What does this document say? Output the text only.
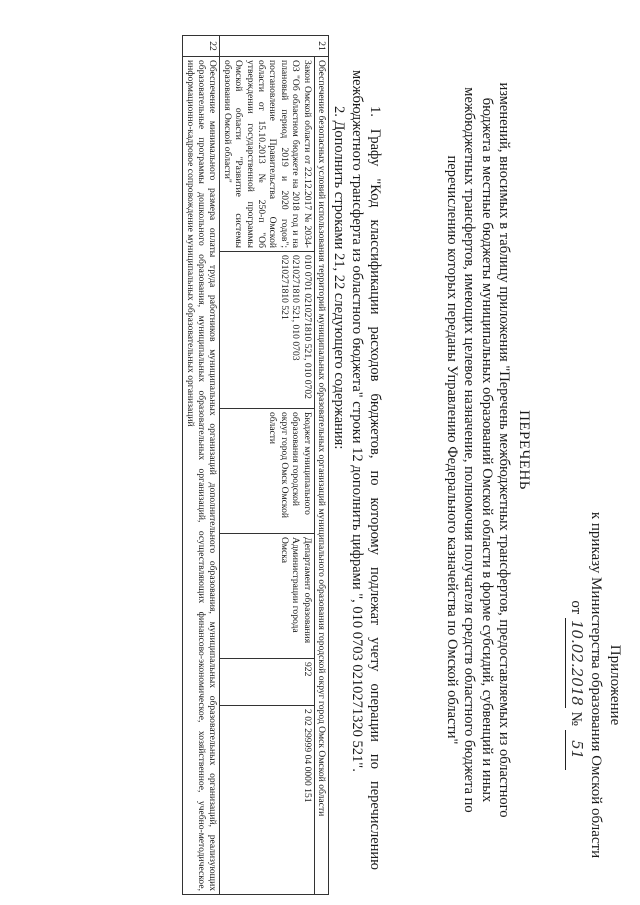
Приложение
к приказу Министерства образования Омской области
от 10.02.2018 № 51
ПЕРЕЧЕНЬ
изменений, вносимых в таблицу приложения "Перечень межбюджетных трансфертов, предоставляемых из областного бюджета в местные бюджеты муниципальных образований Омской области в форме субсидий, субвенций и иных межбюджетных трансфертов, имеющих целевое назначение, полномочия получателя средств областного бюджета по перечислению которых переданы Управлению Федерального казначейства по Омской области"

1. Графу "Код классификации расходов бюджетов, по которому подлежат учету операции по перечислению межбюджетного трансферта из областного бюджета" строки 12 дополнить цифрами ", 010 0703 0210271320 521".

2. Дополнить строками 21, 22 следующего содержания:

21	Обеспечение безопасных условий использования территорий муниципальных образовательных организаций муниципального образования городской округ город Омск Омской области					
	Закон Омской области от 22.12.2017 № 2034-ОЗ "Об областном бюджете на 2018 год и на плановый период 2019 и 2020 годов"; постановление Правительства Омской области от 15.10.2013 № 250-п "Об утверждении государственной программы Омской области "Развитие системы образования Омской области"	010 0701 0210271810 521, 010 0702 0210271810 521, 010 0703 0210271810 521	Бюджет муниципального образования городской округ город Омск Омской области	Департамент образования Администрации города Омска	922	2 02 29999 04 0000 151
22	Обеспечение минимального размера оплаты труда работников муниципальных организаций дополнительного образования, муниципальных образовательных организаций, реализующих образовательные программы дошкольного образования, муниципальных образовательных организаций, осуществляющих финансово-экономическое, хозяйственное, учебно-методическое, информационно-кадровое сопровождение муниципальных образовательных организаций					
